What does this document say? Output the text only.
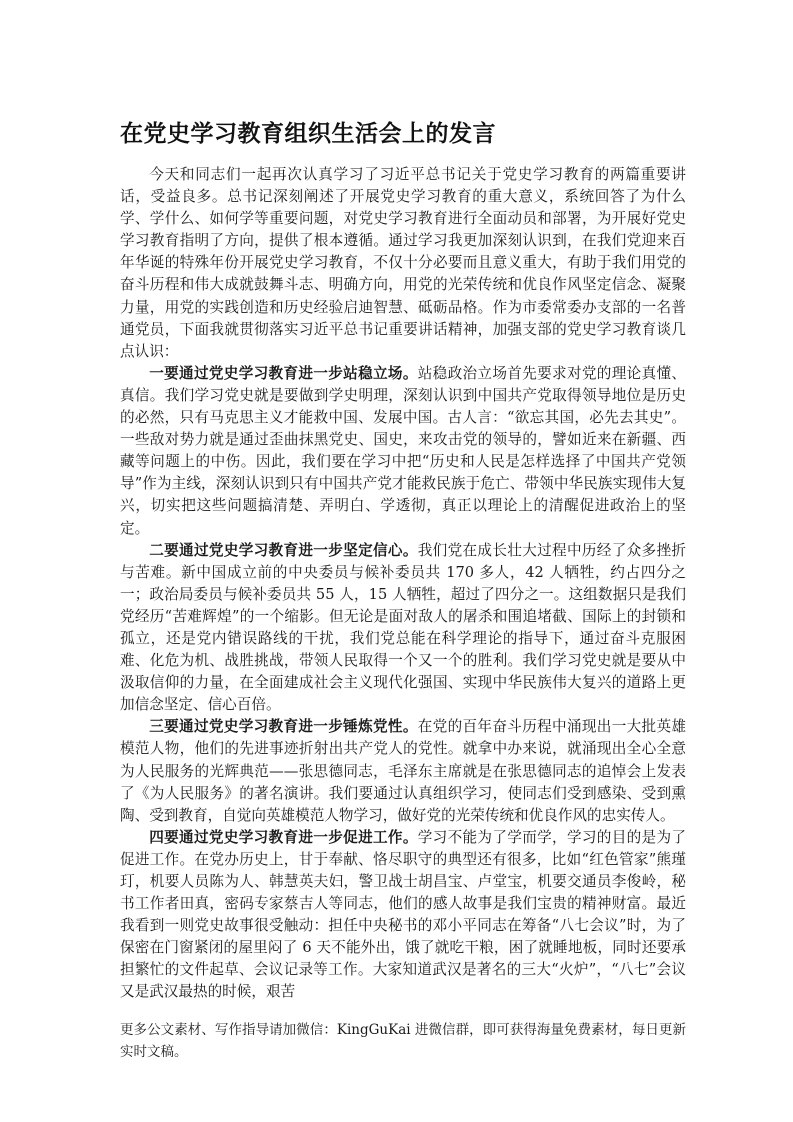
在党史学习教育组织生活会上的发言

今天和同志们一起再次认真学习了习近平总书记关于党史学习教育的两篇重要讲话，受益良多。总书记深刻阐述了开展党史学习教育的重大意义，系统回答了为什么学、学什么、如何学等重要问题，对党史学习教育进行全面动员和部署，为开展好党史学习教育指明了方向，提供了根本遵循。通过学习我更加深刻认识到，在我们党迎来百年华诞的特殊年份开展党史学习教育，不仅十分必要而且意义重大，有助于我们用党的奋斗历程和伟大成就鼓舞斗志、明确方向，用党的光荣传统和优良作风坚定信念、凝聚力量，用党的实践创造和历史经验启迪智慧、砥砺品格。作为市委常委办支部的一名普通党员，下面我就贯彻落实习近平总书记重要讲话精神，加强支部的党史学习教育谈几点认识：

一要通过党史学习教育进一步站稳立场。站稳政治立场首先要求对党的理论真懂、真信。我们学习党史就是要做到学史明理，深刻认识到中国共产党取得领导地位是历史的必然，只有马克思主义才能救中国、发展中国。古人言：“欲忘其国，必先去其史”。一些敌对势力就是通过歪曲抹黑党史、国史，来攻击党的领导的，譬如近来在新疆、西藏等问题上的中伤。因此，我们要在学习中把“历史和人民是怎样选择了中国共产党领导”作为主线，深刻认识到只有中国共产党才能救民族于危亡、带领中华民族实现伟大复兴，切实把这些问题搞清楚、弄明白、学透彻，真正以理论上的清醒促进政治上的坚定。

二要通过党史学习教育进一步坚定信心。我们党在成长壮大过程中历经了众多挫折与苦难。新中国成立前的中央委员与候补委员共 170 多人，42 人牺牲，约占四分之一；政治局委员与候补委员共 55 人，15 人牺牲，超过了四分之一。这组数据只是我们党经历“苦难辉煌”的一个缩影。但无论是面对敌人的屠杀和围追堵截、国际上的封锁和孤立，还是党内错误路线的干扰，我们党总能在科学理论的指导下，通过奋斗克服困难、化危为机、战胜挑战，带领人民取得一个又一个的胜利。我们学习党史就是要从中汲取信仰的力量，在全面建成社会主义现代化强国、实现中华民族伟大复兴的道路上更加信念坚定、信心百倍。

三要通过党史学习教育进一步锤炼党性。在党的百年奋斗历程中涌现出一大批英雄模范人物，他们的先进事迹折射出共产党人的党性。就拿中办来说，就涌现出全心全意为人民服务的光辉典范——张思德同志，毛泽东主席就是在张思德同志的追悼会上发表了《为人民服务》的著名演讲。我们要通过认真组织学习，使同志们受到感染、受到熏陶、受到教育，自觉向英雄模范人物学习，做好党的光荣传统和优良作风的忠实传人。

四要通过党史学习教育进一步促进工作。学习不能为了学而学，学习的目的是为了促进工作。在党办历史上，甘于奉献、恪尽职守的典型还有很多，比如“红色管家”熊瑾玎，机要人员陈为人、韩慧英夫妇，警卫战士胡昌宝、卢堂宝，机要交通员李俊岭，秘书工作者田真，密码专家蔡吉人等同志，他们的感人故事是我们宝贵的精神财富。最近我看到一则党史故事很受触动：担任中央秘书的邓小平同志在筹备“八七会议”时，为了保密在门窗紧闭的屋里闷了 6 天不能外出，饿了就吃干粮，困了就睡地板，同时还要承担繁忙的文件起草、会议记录等工作。大家知道武汉是著名的三大“火炉”，“八七”会议又是武汉最热的时候，艰苦

更多公文素材、写作指导请加微信：KingGuKai 进微信群，即可获得海量免费素材，每日更新实时文稿。
